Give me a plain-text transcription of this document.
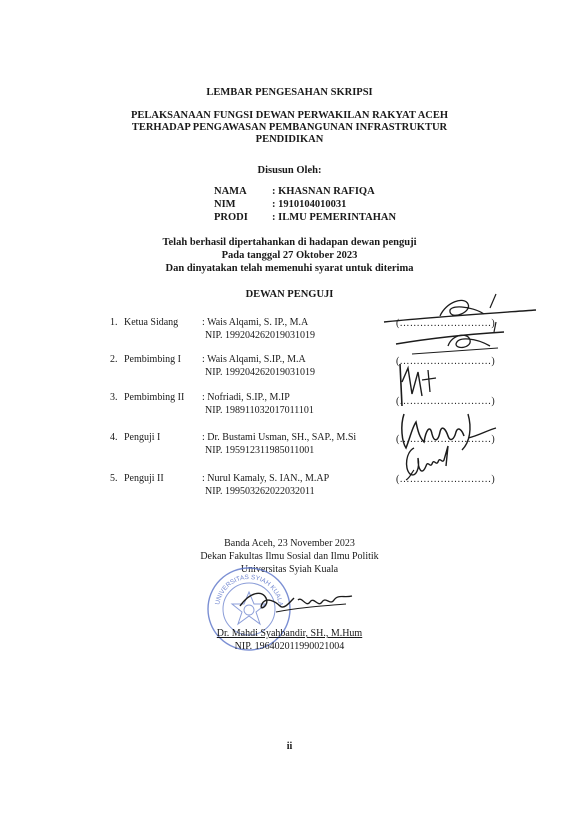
LEMBAR PENGESAHAN SKRIPSI
PELAKSANAAN FUNGSI DEWAN PERWAKILAN RAKYAT ACEH
TERHADAP PENGAWASAN PEMBANGUNAN INFRASTRUKTUR
PENDIDIKAN
Disusun Oleh:
NAMA : KHASNAN RAFIQA
NIM	: 1910104010031
PRODI : ILMU PEMERINTAHAN
Telah berhasil dipertahankan di hadapan dewan penguji
Pada tanggal 27 Oktober 2023
Dan dinyatakan telah memenuhi syarat untuk diterima
DEWAN PENGUJI
1. Ketua Sidang : Wais Alqami, S. IP., M.A
NIP. 199204262019031019
(………………………)
2. Pembimbing I : Wais Alqami, S.IP., M.A
NIP. 199204262019031019
(………………………)
3. Pembimbing II : Nofriadi, S.IP., M.IP
NIP. 198911032017011101
(………………………)
4. Penguji I	: Dr. Bustami Usman, SH., SAP., M.Si
NIP. 195912311985011001
(………………………)
5. Penguji II	: Nurul Kamaly, S. IAN., M.AP
NIP. 199503262022032011
(………………………)
Banda Aceh, 23 November 2023
Dekan Fakultas Ilmu Sosial dan Ilmu Politik
Universitas Syiah Kuala
UNIVERSITAS SYIAH KUALA
Dr. Mahdi Syahbandir, SH., M.Hum
NIP. 196402011990021004
ii
